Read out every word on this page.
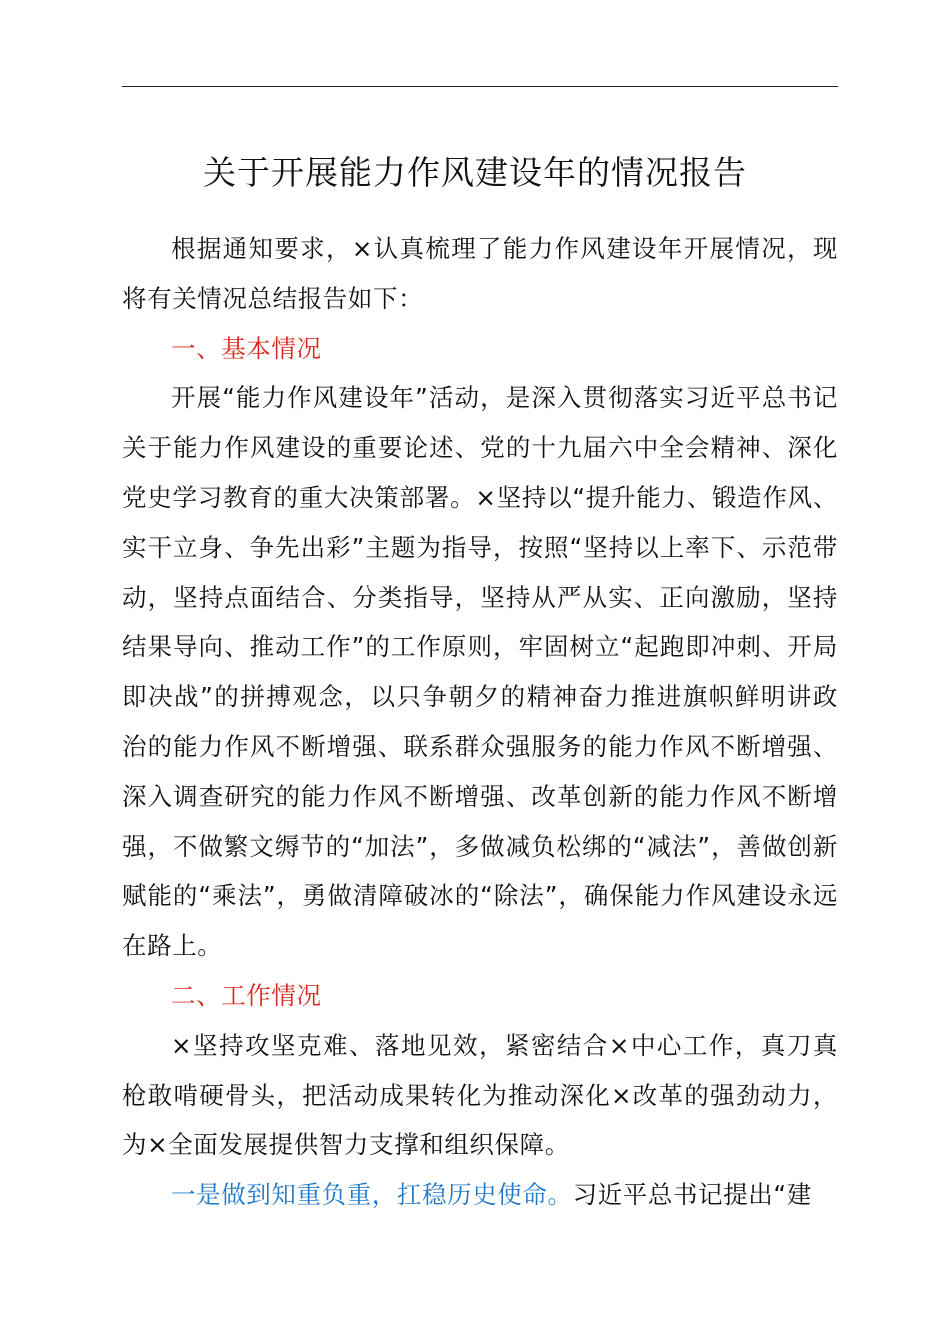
关于开展能力作风建设年的情况报告

根据通知要求，×认真梳理了能力作风建设年开展情况，现将有关情况总结报告如下：

一、基本情况

开展“能力作风建设年”活动，是深入贯彻落实习近平总书记关于能力作风建设的重要论述、党的十九届六中全会精神、深化党史学习教育的重大决策部署。×坚持以“提升能力、锻造作风、实干立身、争先出彩”主题为指导，按照“坚持以上率下、示范带动，坚持点面结合、分类指导，坚持从严从实、正向激励，坚持结果导向、推动工作”的工作原则，牢固树立“起跑即冲刺、开局即决战”的拼搏观念，以只争朝夕的精神奋力推进旗帜鲜明讲政治的能力作风不断增强、联系群众强服务的能力作风不断增强、深入调查研究的能力作风不断增强、改革创新的能力作风不断增强，不做繁文缛节的“加法”，多做减负松绑的“减法”，善做创新赋能的“乘法”，勇做清障破冰的“除法”，确保能力作风建设永远在路上。

二、工作情况

×坚持攻坚克难、落地见效，紧密结合×中心工作，真刀真枪敢啃硬骨头，把活动成果转化为推动深化×改革的强劲动力，为×全面发展提供智力支撑和组织保障。

一是做到知重负重，扛稳历史使命。习近平总书记提出“建
